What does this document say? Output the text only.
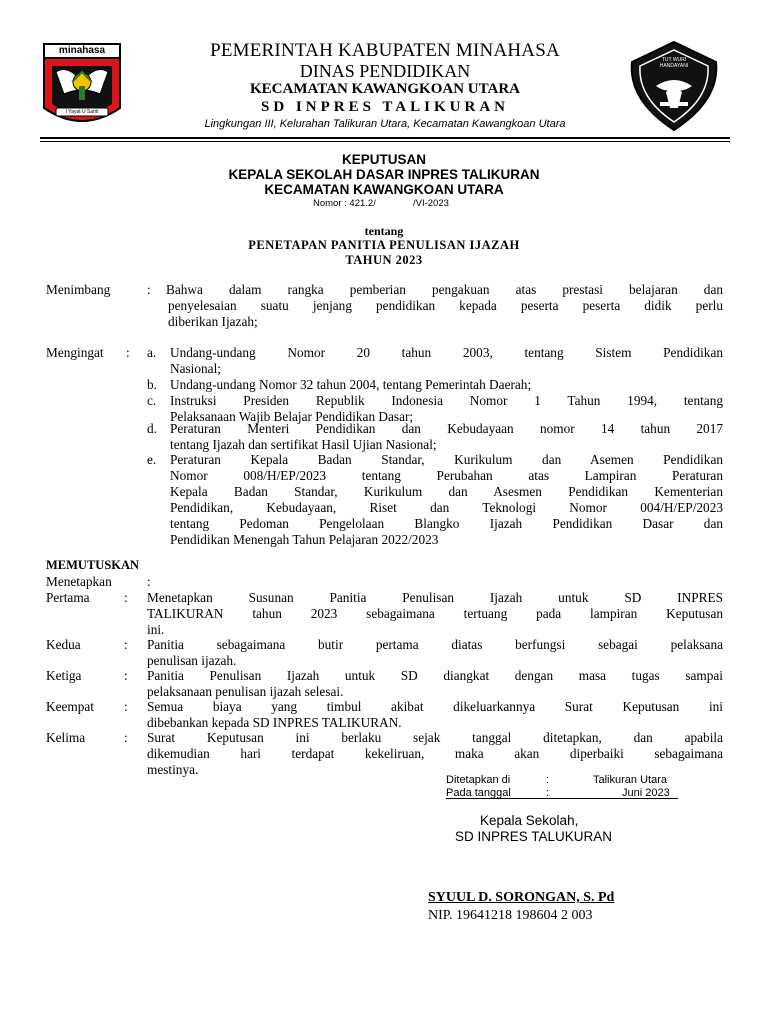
minahasa
I Yayat U Santi
TUT WURI HANDAYANI
PEMERINTAH KABUPATEN MINAHASA
DINAS PENDIDIKAN
KECAMATAN KAWANGKOAN UTARA
SD INPRES TALIKURAN
Lingkungan III, Kelurahan Talikuran Utara, Kecamatan Kawangkoan Utara
KEPUTUSAN
KEPALA SEKOLAH DASAR INPRES TALIKURAN
KECAMATAN KAWANGKOAN UTARA
Nomor : 421.2/	/VI-2023
tentang
PENETAPAN PANITIA PENULISAN IJAZAH
TAHUN 2023
Menimbang	: Bahwa dalam rangka pemberian pengakuan atas prestasi belajaran dan
penyelesaian suatu jenjang pendidikan kepada peserta peserta didik perlu
diberikan Ijazah;
Mengingat : a. Undang-undang Nomor 20 tahun 2003, tentang Sistem Pendidikan
Nasional;
b. Undang-undang Nomor 32 tahun 2004, tentang Pemerintah Daerah;
c. Instruksi Presiden Republik Indonesia Nomor 1 Tahun 1994, tentang
Pelaksanaan Wajib Belajar Pendidikan Dasar;
d. Peraturan Menteri Pendidikan dan Kebudayaan nomor 14 tahun 2017
tentang Ijazah dan sertifikat Hasil Ujian Nasional;
e. Peraturan Kepala Badan Standar, Kurikulum dan Asemen Pendidikan
Nomor 008/H/EP/2023 tentang Perubahan atas Lampiran Peraturan
Kepala Badan Standar, Kurikulum dan Asesmen Pendidikan Kementerian
Pendidikan, Kebudayaan, Riset dan Teknologi Nomor 004/H/EP/2023
tentang Pedoman Pengelolaan Blangko Ijazah Pendidikan Dasar dan
Pendidikan Menengah Tahun Pelajaran 2022/2023
MEMUTUSKAN
Menetapkan	:
Pertama	: Menetapkan Susunan Panitia Penulisan Ijazah untuk SD INPRES
TALIKURAN tahun 2023 sebagaimana tertuang pada lampiran Keputusan
ini.
Kedua	: Panitia sebagaimana butir pertama diatas berfungsi sebagai pelaksana
penulisan ijazah.
Ketiga	: Panitia Penulisan Ijazah untuk SD diangkat dengan masa tugas sampai
pelaksanaan penulisan ijazah selesai.
Keempat : Semua biaya yang timbul akibat dikeluarkannya Surat Keputusan ini
dibebankan kepada SD INPRES TALIKURAN.
Kelima	: Surat Keputusan ini berlaku sejak tanggal ditetapkan, dan apabila
dikemudian hari terdapat kekeliruan, maka akan diperbaiki sebagaimana
mestinya.
Ditetapkan di	:	Talikuran Utara
Pada tanggal	:	Juni 2023
Kepala Sekolah,
SD INPRES TALUKURAN
SYUUL D. SORONGAN, S. Pd
NIP. 19641218 198604 2 003
